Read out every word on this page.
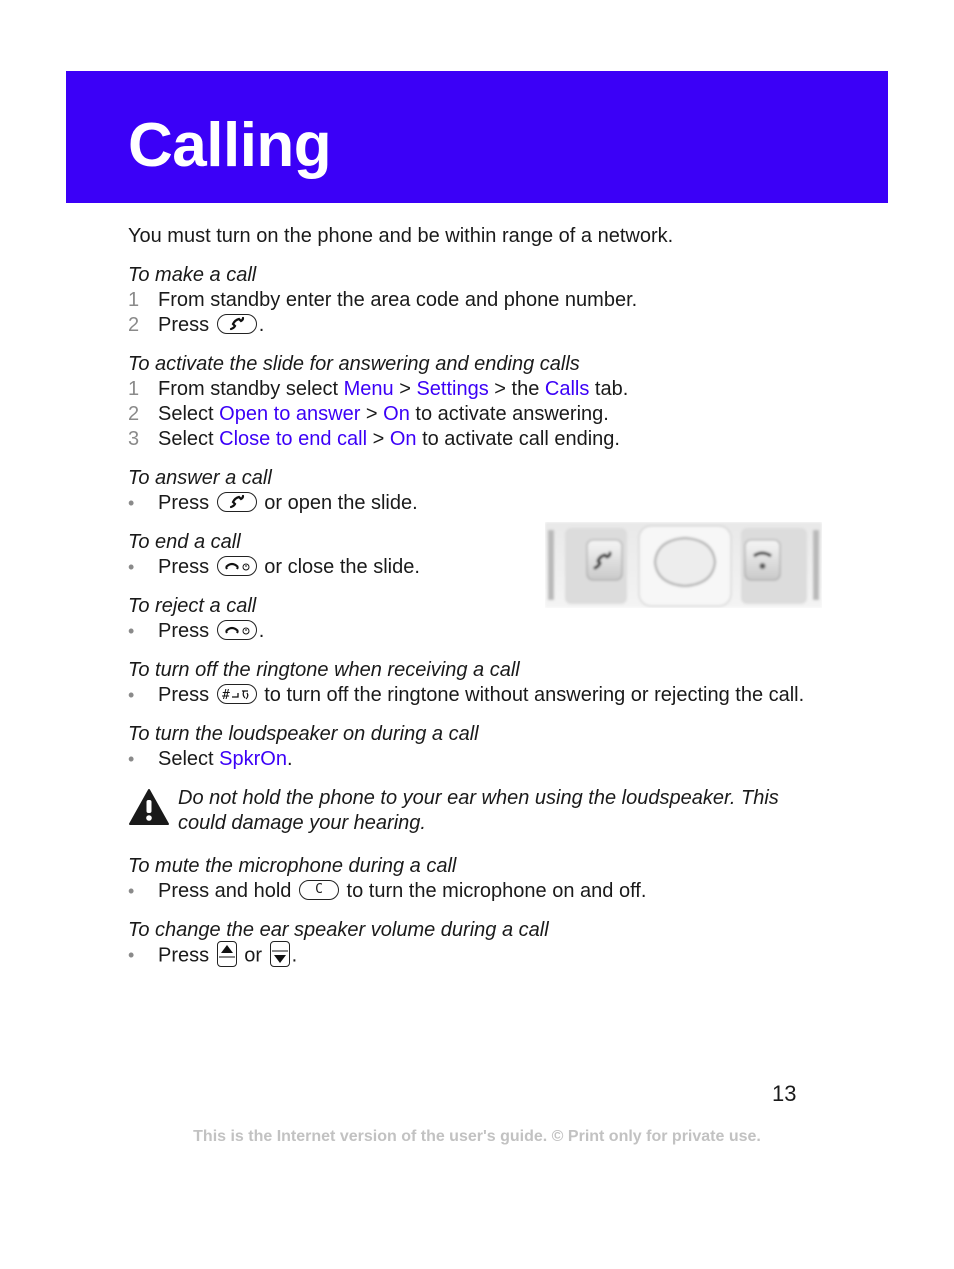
Calling

You must turn on the phone and be within range of a network.

To make a call

1 From standby enter the area code and phone number.

2 Press .

To activate the slide for answering and ending calls

1 From standby select Menu > Settings > the Calls tab.

2 Select Open to answer > On to activate answering.

3 Select Close to end call > On to activate call ending.

To answer a call

• Press
or open the slide.

To end a call

• Press
or close the slide.

To reject a call

• Press .

To turn off the ringtone when receiving a call

• Press # to turn off the ringtone without answering or rejecting the call.

To turn the loudspeaker on during a call

• Select SpkrOn.

Do not hold the phone to your ear when using the loudspeaker. This could damage your hearing.

To mute the microphone during a call

• Press and hold C to turn the microphone on and off.

To change the ear speaker volume during a call

• Press  or .

13
This is the Internet version of the user's guide. © Print only for private use.
